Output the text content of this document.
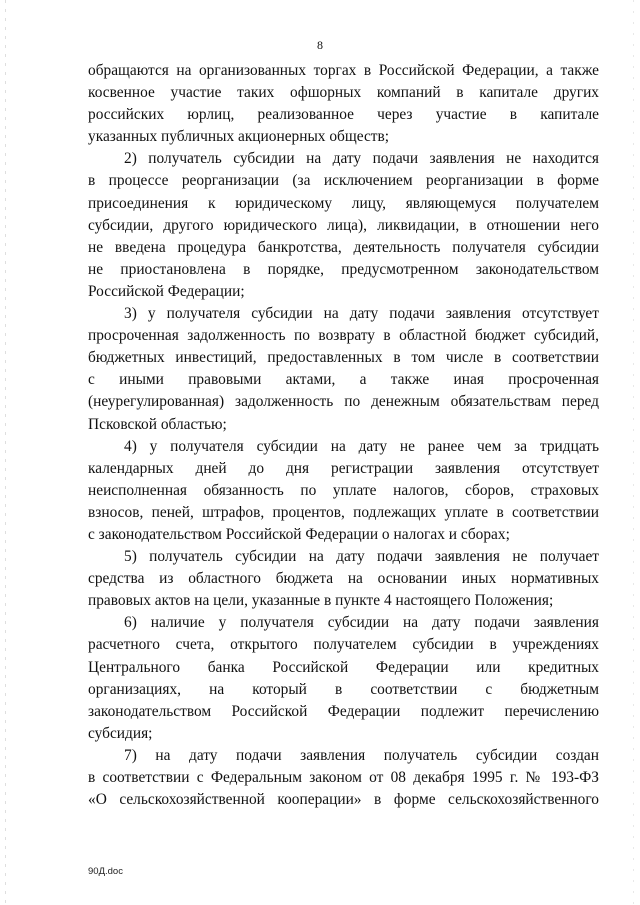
8
обращаются на организованных торгах в Российской Федерации, а также
косвенное участие таких офшорных компаний в капитале других
российских юрлиц, реализованное через участие в капитале
указанных публичных акционерных обществ;
2) получатель субсидии на дату подачи заявления не находится
в процессе реорганизации (за исключением реорганизации в форме
присоединения к юридическому лицу, являющемуся получателем
субсидии, другого юридического лица), ликвидации, в отношении него
не введена процедура банкротства, деятельность получателя субсидии
не приостановлена в порядке, предусмотренном законодательством
Российской Федерации;
3) у получателя субсидии на дату подачи заявления отсутствует
просроченная задолженность по возврату в областной бюджет субсидий,
бюджетных инвестиций, предоставленных в том числе в соответствии
с иными правовыми актами, а также иная просроченная
(неурегулированная) задолженность по денежным обязательствам перед
Псковской областью;
4) у получателя субсидии на дату не ранее чем за тридцать
календарных дней до дня регистрации заявления отсутствует
неисполненная обязанность по уплате налогов, сборов, страховых
взносов, пеней, штрафов, процентов, подлежащих уплате в соответствии
с законодательством Российской Федерации о налогах и сборах;
5) получатель субсидии на дату подачи заявления не получает
средства из областного бюджета на основании иных нормативных
правовых актов на цели, указанные в пункте 4 настоящего Положения;
6) наличие у получателя субсидии на дату подачи заявления
расчетного счета, открытого получателем субсидии в учреждениях
Центрального банка Российской Федерации или кредитных
организациях, на который в соответствии с бюджетным
законодательством Российской Федерации подлежит перечислению
субсидия;
7) на дату подачи заявления получатель субсидии создан
в соответствии с Федеральным законом от 08 декабря 1995 г. № 193-ФЗ
«О сельскохозяйственной кооперации» в форме сельскохозяйственного
90Д.doc
